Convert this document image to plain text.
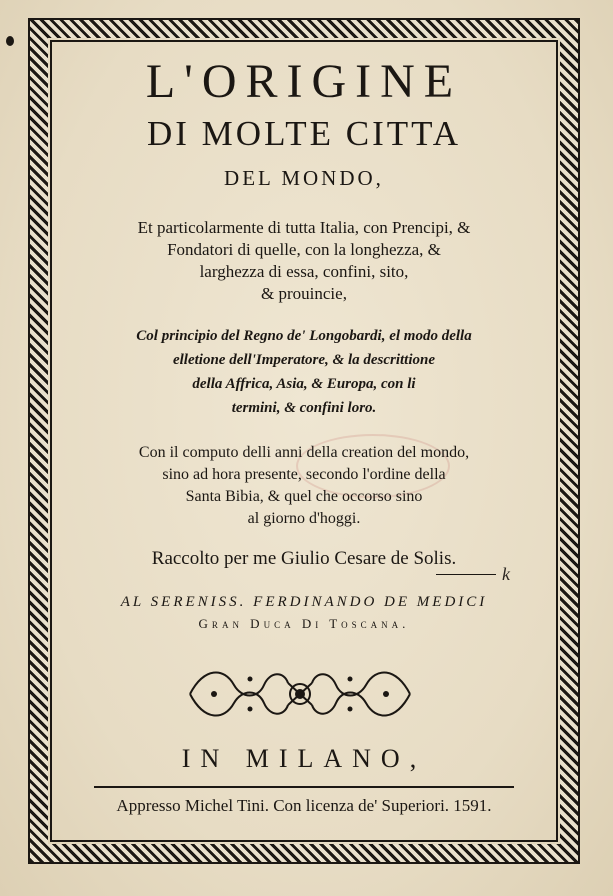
L'ORIGINE
DI MOLTE CITTA
DEL MONDO,
Et particolarmente di tutta Italia, con Prencipi, &
Fondatori di quelle, con la longhezza, &
larghezza di essa, confini, sito,
& prouincie,
Col principio del Regno de' Longobardi, el modo della
elletione dell'Imperatore, & la descrittione
della Affrica, Asia, & Europa, con li
termini, & confini loro.
Con il computo delli anni della creation del mondo,
sino ad hora presente, secondo l'ordine della
Santa Bibia, & quel che occorso sino
al giorno d'hoggi.
Raccolto per me Giulio Cesare de Solis.
k
AL SERENISS. FERDINANDO DE MEDICI
Gran Duca Di Toscana.
IN MILANO,
Appresso Michel Tini. Con licenza de' Superiori. 1591.
